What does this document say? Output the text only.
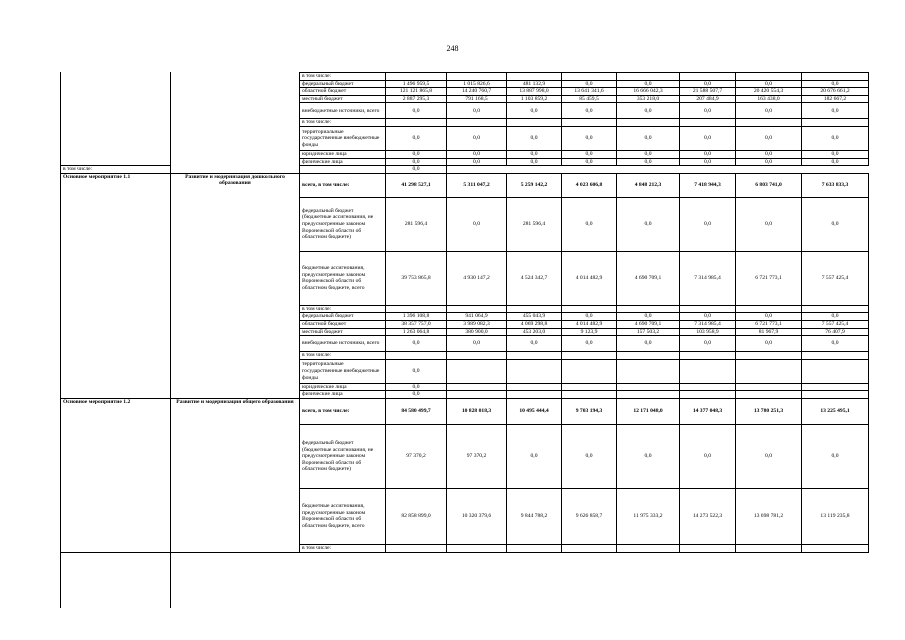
248
		в том числе:								
		федеральный бюджет	1 496 959,5	1 015 826,6	481 132,9	0,0	0,0	0,0	0,0	0,0
		областной бюджет	121 121 865,8	14 240 760,7	13 887 998,0	13 641 341,6	16 666 042,3	21 588 507,7	20 420 554,3	20 676 661,2
		местный бюджет	2 887 295,3	791 168,5	1 103 859,2	85 459,5	353 218,0	207 484,9	163 438,0	182 667,2
		внебюджетные источники, всего	0,0	0,0	0,0	0,0	0,0	0,0	0,0	0,0
		в том числе:								
		территориальные государственные внебюджетные фонды	0,0	0,0	0,0	0,0	0,0	0,0	0,0	0,0
		юридические лица	0,0	0,0	0,0	0,0	0,0	0,0	0,0	0,0
		физические лица	0,0	0,0	0,0	0,0	0,0	0,0	0,0	0,0
в том числе:			0,0							
Основное мероприятие 1.1	Развитие и модернизация дошкольного образования	всего, в том числе:	41 298 527,1	5 311 047,2	5 259 142,2	4 023 606,8	4 848 212,3	7 418 944,3	6 803 741,0	7 633 833,3
		федеральный бюджет (бюджетные ассигнования, не предусмотренные законом Воронежской области об областном бюджете)	281 596,4	0,0	281 596,4	0,0	0,0	0,0	0,0	0,0
		бюджетные ассигнования, предусмотренные законом Воронежской области об областном бюджете, всего	39 753 865,8	4 930 147,2	4 524 342,7	4 014 482,9	4 690 709,1	7 314 985,4	6 721 773,1	7 557 425,4
		в том числе:								
		федеральный бюджет	1 396 108,8	941 064,9	455 043,9	0,0	0,0	0,0	0,0	0,0
		областной бюджет	38 357 757,0	3 989 082,3	4 069 298,8	4 014 482,9	4 690 709,1	7 314 985,4	6 721 773,1	7 557 425,4
		местный бюджет	1 263 064,8	380 900,0	453 203,0	9 123,9	157 503,2	103 958,9	81 967,9	76 407,9
		внебюджетные источники, всего	0,0	0,0	0,0	0,0	0,0	0,0	0,0	0,0
		в том числе:								
		территориальные государственные внебюджетные фонды	0,0							
		юридические лица	0,0							
		физические лица	0,0							
Основное мероприятие 1.2	Развитие и модернизация общего образования	всего, в том числе:	84 580 499,7	10 828 018,3	10 495 444,4	9 703 194,3	12 171 048,0	14 377 048,3	13 780 251,3	13 225 495,1
		федеральный бюджет (бюджетные ассигнования, не предусмотренные законом Воронежской области об областном бюджете)	97 370,2	97 370,2	0,0	0,0	0,0	0,0	0,0	0,0
		бюджетные ассигнования, предусмотренные законом Воронежской области об областном бюджете, всего	82 858 899,0	10 320 379,6	9 844 788,2	9 626 858,7	11 975 333,2	14 273 522,3	13 698 781,2	13 119 235,8
		в том числе:								
